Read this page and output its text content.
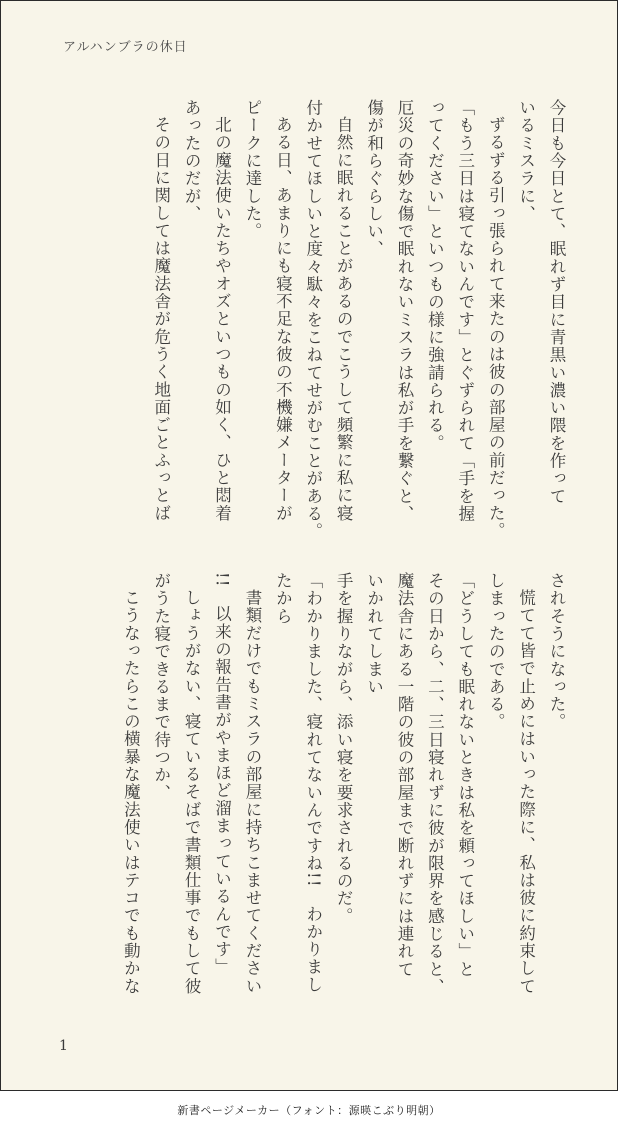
アルハンブラの休日

今日も今日とて、眠れず目に青黒い濃い隈を作って

いるミスラに、

ずるずる引っ張られて来たのは彼の部屋の前だった。

「もう三日は寝てないんです」とぐずられて「手を握

ってください」といつもの様に強請られる。

厄災の奇妙な傷で眠れないミスラは私が手を繋ぐと、

傷が和らぐらしい、

自然に眠れることがあるのでこうして頻繁に私に寝

付かせてほしいと度々駄々をこねてせがむことがある。

ある日、あまりにも寝不足な彼の不機嫌メーターが

ピークに達した。

北の魔法使いたちやオズといつもの如く、ひと悶着

あったのだが、

その日に関しては魔法舎が危うく地面ごとふっとば

されそうになった。

慌てて皆で止めにはいった際に、私は彼に約束して

しまったのである。

「どうしても眠れないときは私を頼ってほしい」と

その日から、二、三日寝れずに彼が限界を感じると、

魔法舎にある一階の彼の部屋まで断れずには連れて

いかれてしまい

手を握りながら、添い寝を要求されるのだ。

「わかりました、寝れてないんですね!!　わかりまし

たから

書類だけでもミスラの部屋に持ちこませてください

!!　以来の報告書がやまほど溜まっているんです」

しょうがない、寝ているそばで書類仕事でもして彼

がうた寝できるまで待つか、

こうなったらこの横暴な魔法使いはテコでも動かな

1
新書ページメーカー（フォント：源暎こぶり明朝）
